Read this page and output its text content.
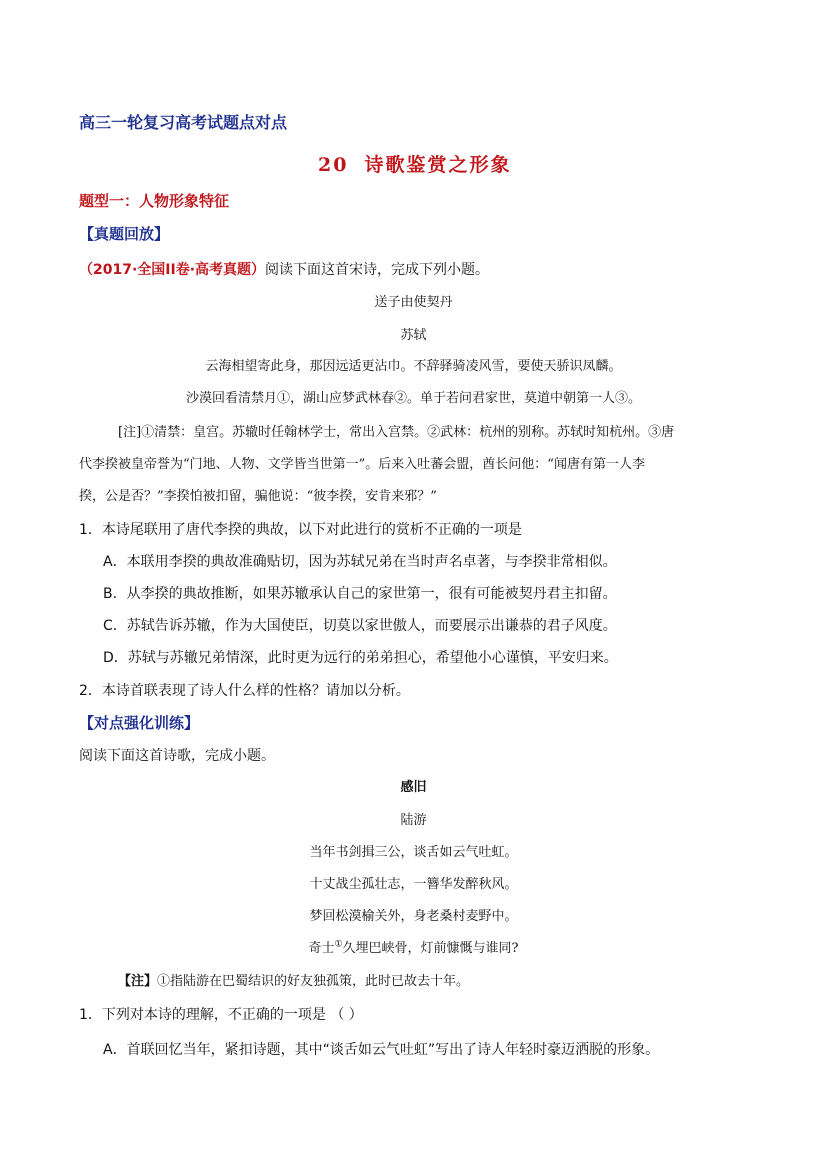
高三一轮复习高考试题点对点
20 诗歌鉴赏之形象
题型一：人物形象特征
【真题回放】
（2017·全国II卷·高考真题）阅读下面这首宋诗，完成下列小题。
送子由使契丹
苏轼
云海相望寄此身，那因远适更沾巾。不辞驿骑凌风雪，要使天骄识凤麟。
沙漠回看清禁月①，湖山应梦武林春②。单于若问君家世，莫道中朝第一人③。
[注]①清禁：皇宫。苏辙时任翰林学士，常出入宫禁。②武林：杭州的别称。苏轼时知杭州。③唐
代李揆被皇帝誉为“门地、人物、文学皆当世第一”。后来入吐蕃会盟，酋长问他：“闻唐有第一人李
揆，公是否？”李揆怕被扣留，骗他说：“彼李揆，安肯来邪？”
1．本诗尾联用了唐代李揆的典故，以下对此进行的赏析不正确的一项是
A．本联用李揆的典故准确贴切，因为苏轼兄弟在当时声名卓著，与李揆非常相似。
B．从李揆的典故推断，如果苏辙承认自己的家世第一，很有可能被契丹君主扣留。
C．苏轼告诉苏辙，作为大国使臣，切莫以家世傲人，而要展示出谦恭的君子风度。
D．苏轼与苏辙兄弟情深，此时更为远行的弟弟担心，希望他小心谨慎，平安归来。
2．本诗首联表现了诗人什么样的性格？请加以分析。
【对点强化训练】
阅读下面这首诗歌，完成小题。
感旧
陆游
当年书剑揖三公，谈舌如云气吐虹。
十丈战尘孤壮志，一簪华发醉秋风。
梦回松漠榆关外，身老桑村麦野中。
奇士①久埋巴峡骨，灯前慷慨与谁同?
【注】①指陆游在巴蜀结识的好友独孤策，此时已故去十年。
1．下列对本诗的理解，不正确的一项是 （ ）
A．首联回忆当年，紧扣诗题，其中“谈舌如云气吐虹”写出了诗人年轻时豪迈洒脱的形象。
